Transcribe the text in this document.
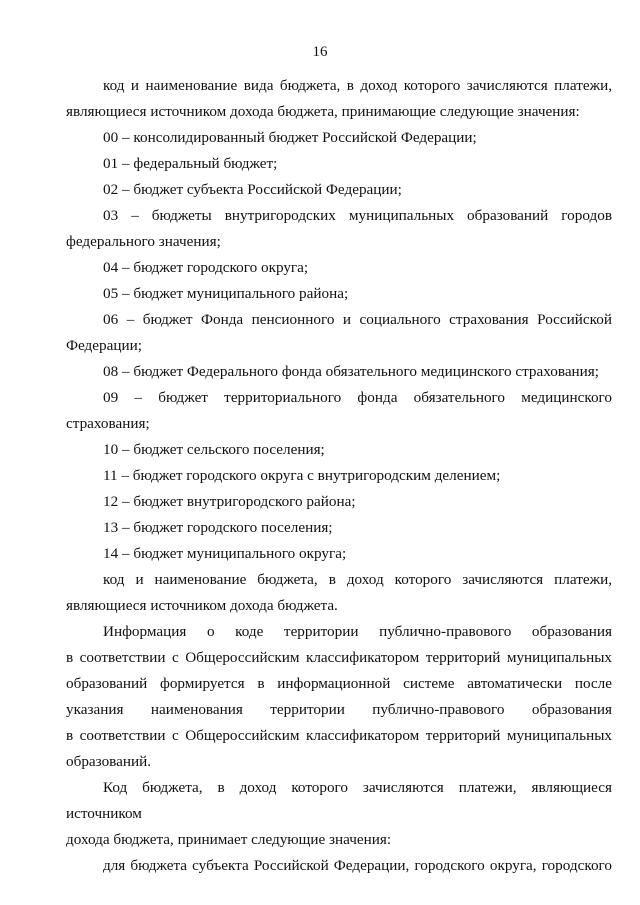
16
код и наименование вида бюджета, в доход которого зачисляются платежи,
являющиеся источником дохода бюджета, принимающие следующие значения:
00 – консолидированный бюджет Российской Федерации;
01 – федеральный бюджет;
02 – бюджет субъекта Российской Федерации;
03 – бюджеты внутригородских муниципальных образований городов
федерального значения;
04 – бюджет городского округа;
05 – бюджет муниципального района;
06 – бюджет Фонда пенсионного и социального страхования Российской
Федерации;
08 – бюджет Федерального фонда обязательного медицинского страхования;
09 – бюджет территориального фонда обязательного медицинского
страхования;
10 – бюджет сельского поселения;
11 – бюджет городского округа с внутригородским делением;
12 – бюджет внутригородского района;
13 – бюджет городского поселения;
14 – бюджет муниципального округа;
код и наименование бюджета, в доход которого зачисляются платежи,
являющиеся источником дохода бюджета.
Информация о коде территории публично-правового образования
в соответствии с Общероссийским классификатором территорий муниципальных
образований формируется в информационной системе автоматически после
указания наименования территории публично-правового образования
в соответствии с Общероссийским классификатором территорий муниципальных
образований.
Код бюджета, в доход которого зачисляются платежи, являющиеся источником
дохода бюджета, принимает следующие значения:
для бюджета субъекта Российской Федерации, городского округа, городского
